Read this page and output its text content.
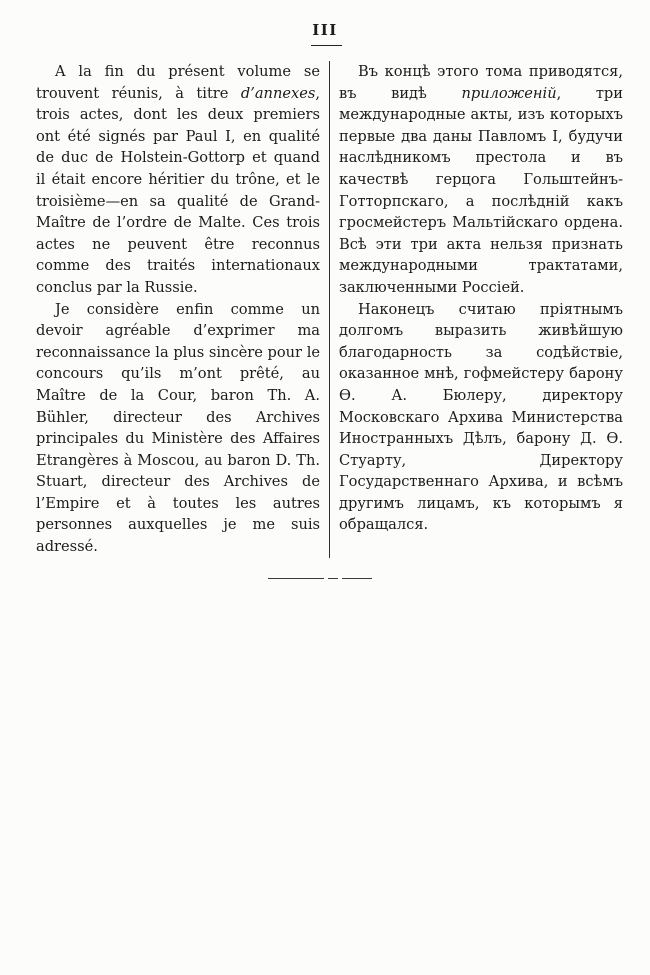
III

A la fin du présent volume se trouvent réunis, à titre d’annexes, trois actes, dont les deux premiers ont été signés par Paul I, en qualité de duc de Holstein-Gottorp et quand il était encore héritier du trône, et le troisième—en sa qualité de Grand-Maître de l’ordre de Malte. Ces trois actes ne peuvent être reconnus comme des traités internationaux conclus par la Russie.

Je considère enfin comme un devoir agréable d’exprimer ma reconnaissance la plus sincère pour le concours qu’ils m’ont prêté, au Maître de la Cour, baron Th. A. Bühler, directeur des Archives principales du Ministère des Affaires Etrangères à Moscou, au baron D. Th. Stuart, directeur des Archives de l’Empire et à toutes les autres personnes auxquelles je me suis adressé.

Въ концѣ этого тома приводятся, въ видѣ приложеній, три международные акты, изъ которыхъ первые два даны Павломъ I, будучи наслѣдникомъ престола и въ качествѣ герцога Гольштейнъ-Готторпскаго, а послѣдній какъ гросмейстеръ Мальтійскаго ордена. Всѣ эти три акта нельзя признать международными трактатами, заключенными Россіей.

Наконецъ считаю пріятнымъ долгомъ выразить живѣйшую благодарность за содѣйствіе, оказанное мнѣ, гофмейстеру барону Ѳ. А. Бюлеру, директору Московскаго Архива Министерства Иностранныхъ Дѣлъ, барону Д. Ѳ. Стуарту, Директору Государственнаго Архива, и всѣмъ другимъ лицамъ, къ которымъ я обращался.
